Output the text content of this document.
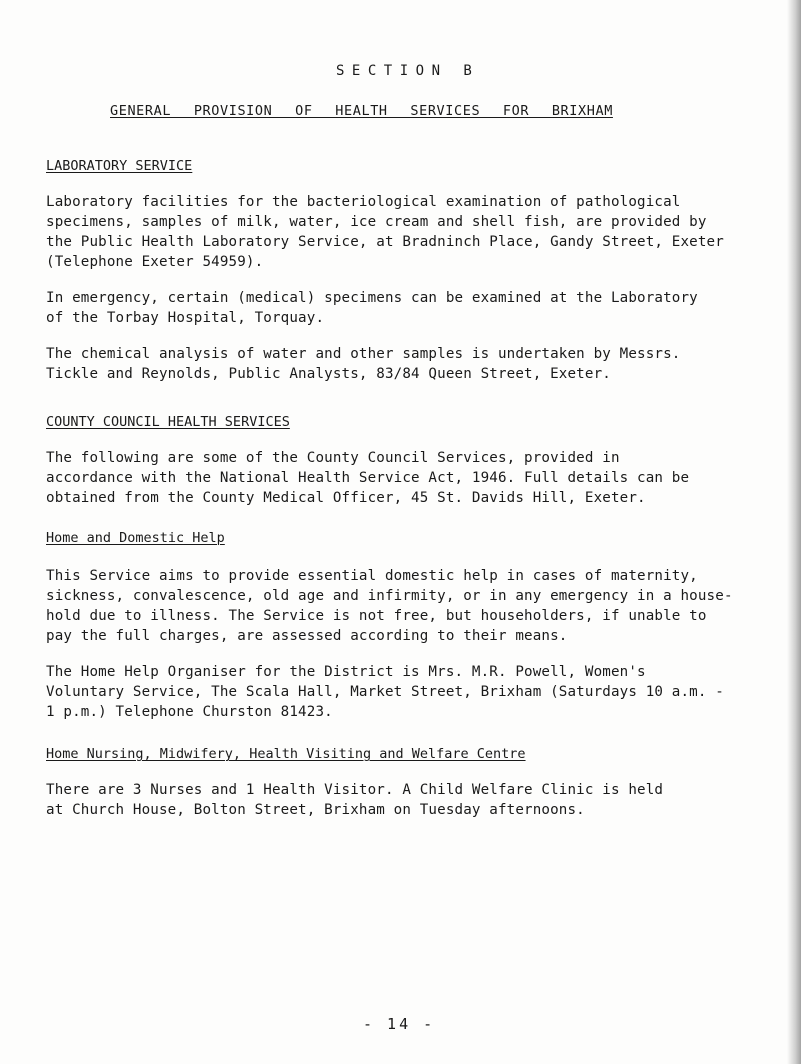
SECTION B
GENERAL PROVISION OF HEALTH SERVICES FOR BRIXHAM
LABORATORY SERVICE
Laboratory facilities for the bacteriological examination of pathological
specimens, samples of milk, water, ice cream and shell fish, are provided by
the Public Health Laboratory Service, at Bradninch Place, Gandy Street, Exeter
(Telephone Exeter 54959).
In emergency, certain (medical) specimens can be examined at the Laboratory
of the Torbay Hospital, Torquay.
The chemical analysis of water and other samples is undertaken by Messrs.
Tickle and Reynolds, Public Analysts, 83/84 Queen Street, Exeter.
COUNTY COUNCIL HEALTH SERVICES
The following are some of the County Council Services, provided in
accordance with the National Health Service Act, 1946. Full details can be
obtained from the County Medical Officer, 45 St. Davids Hill, Exeter.
Home and Domestic Help
This Service aims to provide essential domestic help in cases of maternity,
sickness, convalescence, old age and infirmity, or in any emergency in a house-
hold due to illness. The Service is not free, but householders, if unable to
pay the full charges, are assessed according to their means.
The Home Help Organiser for the District is Mrs. M.R. Powell, Women's
Voluntary Service, The Scala Hall, Market Street, Brixham (Saturdays 10 a.m. -
1 p.m.) Telephone Churston 81423.
Home Nursing, Midwifery, Health Visiting and Welfare Centre
There are 3 Nurses and 1 Health Visitor. A Child Welfare Clinic is held
at Church House, Bolton Street, Brixham on Tuesday afternoons.
- 14 -
